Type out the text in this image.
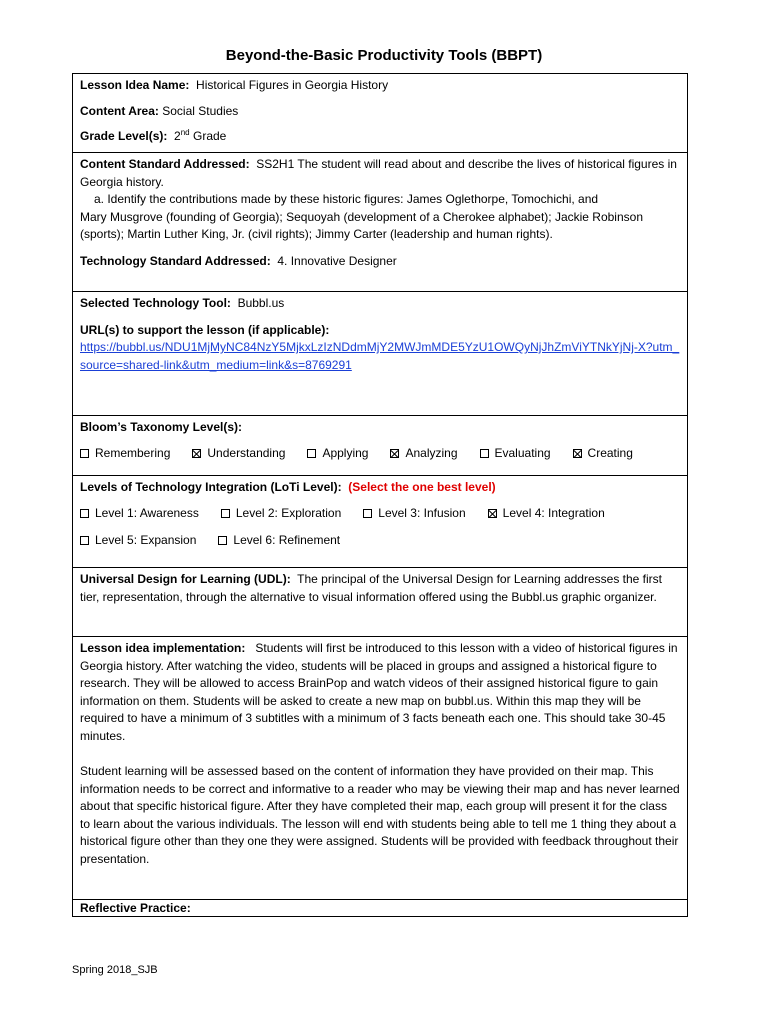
Beyond-the-Basic Productivity Tools (BBPT)

Lesson Idea Name: Historical Figures in Georgia History

Content Area: Social Studies

Grade Level(s): 2nd Grade

Content Standard Addressed: SS2H1 The student will read about and describe the lives of historical figures in Georgia history.

a. Identify the contributions made by these historic figures: James Oglethorpe, Tomochichi, and

Mary Musgrove (founding of Georgia); Sequoyah (development of a Cherokee alphabet); Jackie Robinson (sports); Martin Luther King, Jr. (civil rights); Jimmy Carter (leadership and human rights).

Technology Standard Addressed: 4. Innovative Designer

Selected Technology Tool: Bubbl.us

URL(s) to support the lesson (if applicable):

https://bubbl.us/NDU1MjMyNC84NzY5MjkxLzIzNDdmMjY2MWJmMDE5YzU1OWQyNjJhZmViYTNkYjNj-X?utm_source=shared-link&utm_medium=link&s=8769291

Bloom’s Taxonomy Level(s):

Remembering	Understanding	Applying	Analyzing	Evaluating	Creating

Levels of Technology Integration (LoTi Level): (Select the one best level)

Level 1: Awareness	Level 2: Exploration	Level 3: Infusion	Level 4: Integration
Level 5: Expansion	Level 6: Refinement

Universal Design for Learning (UDL): The principal of the Universal Design for Learning addresses the first tier, representation, through the alternative to visual information offered using the Bubbl.us graphic organizer.

Lesson idea implementation: Students will first be introduced to this lesson with a video of historical figures in Georgia history. After watching the video, students will be placed in groups and assigned a historical figure to research. They will be allowed to access BrainPop and watch videos of their assigned historical figure to gain information on them. Students will be asked to create a new map on bubbl.us. Within this map they will be required to have a minimum of 3 subtitles with a minimum of 3 facts beneath each one. This should take 30-45 minutes.

Student learning will be assessed based on the content of information they have provided on their map. This information needs to be correct and informative to a reader who may be viewing their map and has never learned about that specific historical figure. After they have completed their map, each group will present it for the class to learn about the various individuals. The lesson will end with students being able to tell me 1 thing they about a historical figure other than they one they were assigned. Students will be provided with feedback throughout their presentation.

Reflective Practice:

Spring 2018_SJB
